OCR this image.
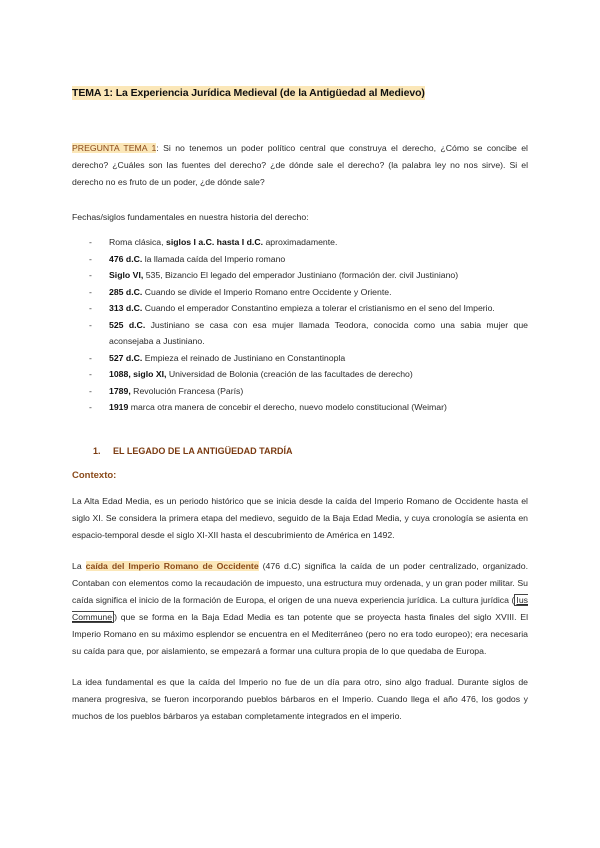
TEMA 1: La Experiencia Jurídica Medieval (de la Antigüedad al Medievo)

PREGUNTA TEMA 1: Si no tenemos un poder político central que construya el derecho, ¿Cómo se concibe el derecho? ¿Cuáles son las fuentes del derecho? ¿de dónde sale el derecho? (la palabra ley no nos sirve). Si el derecho no es fruto de un poder, ¿de dónde sale?

Fechas/siglos fundamentales en nuestra historia del derecho:

- Roma clásica, siglos I a.C. hasta I d.C. aproximadamente.
- 476 d.C. la llamada caída del Imperio romano
- Siglo VI, 535, Bizancio El legado del emperador Justiniano (formación der. civil Justiniano)
- 285 d.C. Cuando se divide el Imperio Romano entre Occidente y Oriente.
- 313 d.C. Cuando el emperador Constantino empieza a tolerar el cristianismo en el seno del Imperio.
- 525 d.C. Justiniano se casa con esa mujer llamada Teodora, conocida como una sabia mujer que aconsejaba a Justiniano.
- 527 d.C. Empieza el reinado de Justiniano en Constantinopla
- 1088, siglo XI, Universidad de Bolonia (creación de las facultades de derecho)
- 1789, Revolución Francesa (París)
- 1919 marca otra manera de concebir el derecho, nuevo modelo constitucional (Weimar)
1. EL LEGADO DE LA ANTIGÜEDAD TARDÍA
Contexto:

La Alta Edad Media, es un periodo histórico que se inicia desde la caída del Imperio Romano de Occidente hasta el siglo XI. Se considera la primera etapa del medievo, seguido de la Baja Edad Media, y cuya cronología se asienta en espacio-temporal desde el siglo XI-XII hasta el descubrimiento de América en 1492.

La caída del Imperio Romano de Occidente (476 d.C) significa la caída de un poder centralizado, organizado. Contaban con elementos como la recaudación de impuesto, una estructura muy ordenada, y un gran poder militar. Su caída significa el inicio de la formación de Europa, el origen de una nueva experiencia jurídica. La cultura jurídica ( Ius Commune ) que se forma en la Baja Edad Media es tan potente que se proyecta hasta finales del siglo XVIII. El Imperio Romano en su máximo esplendor se encuentra en el Mediterráneo (pero no era todo europeo); era necesaria su caída para que, por aislamiento, se empezará a formar una cultura propia de lo que quedaba de Europa.

La idea fundamental es que la caída del Imperio no fue de un día para otro, sino algo fradual. Durante siglos de manera progresiva, se fueron incorporando pueblos bárbaros en el Imperio. Cuando llega el año 476, los godos y muchos de los pueblos bárbaros ya estaban completamente integrados en el imperio.
